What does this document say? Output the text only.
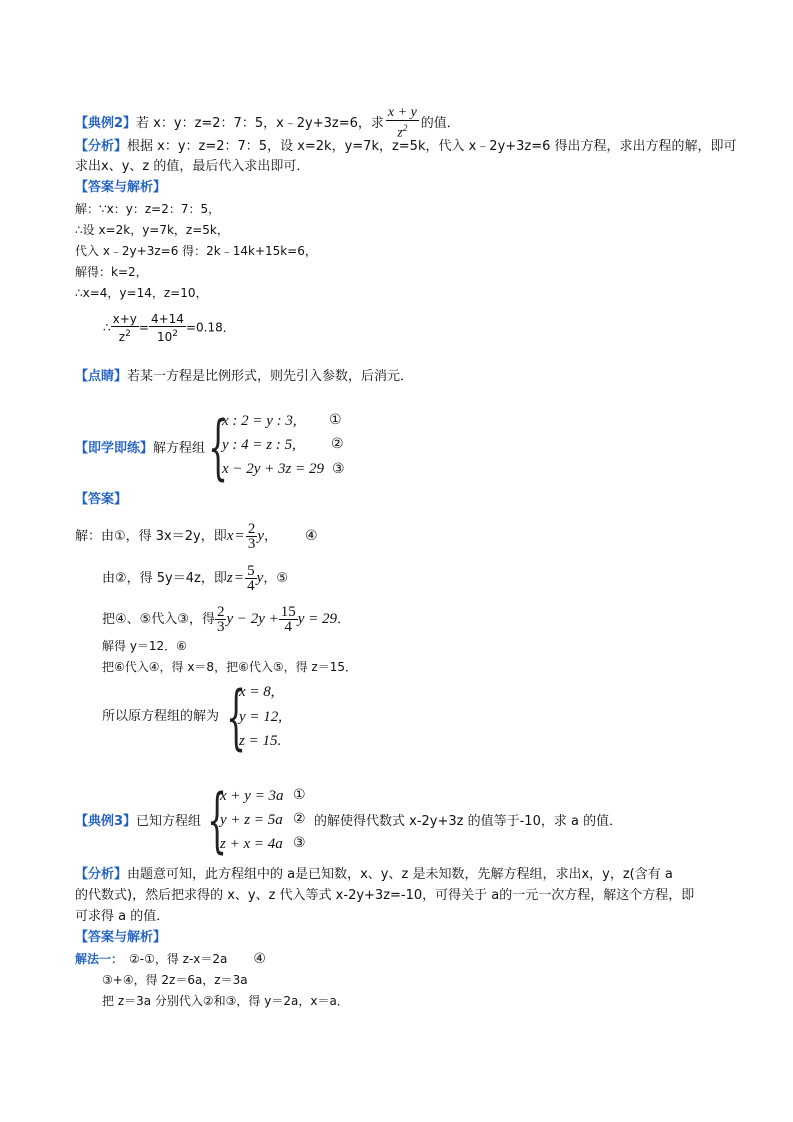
【典例2】若 x：y：z=2：7：5，x﹣2y+3z=6，求 $\frac{x + y}{z^2}$ 的值．
【分析】根据 x：y：z=2：7：5，设 x=2k，y=7k，z=5k，代入 x﹣2y+3z=6 得出方程，求出方程的解，即可
求出x、y、z 的值，最后代入求出即可．
【答案与解析】
解：∵x：y：z=2：7：5，
∴设 x=2k，y=7k，z=5k，
代入 x﹣2y+3z=6 得：2k﹣14k+15k=6，
解得：k=2，
∴x=4，y=14，z=10，
∴ $\frac{x+y}{z^2} = \frac{4+14}{10^2} =0.18$．
【点睛】若某一方程是比例形式，则先引入参数，后消元．
【即学即练】解方程组 {
x : 2 = y : 3,
y : 4 = z : 5,
x − 2y + 3z = 29
①
②
③
【答案】
解：由①，得 3x＝2y，即$x = \frac{2}{3}$ y， ④
由②，得 5y＝4z，即$z = \frac{5}{4}$ y，⑤
把④、⑤代入③，得 $\frac{2}{3}$ $y - 2y + \frac{15}{4}$ y = 29．
解得 y＝12．⑥
把⑥代入④，得 x＝8，把⑥代入⑤，得 z＝15．
所以原方程组的解为 {
x = 8,
y = 12,
z = 15.
【典例3】已知方程组 {
x + y = 3a
y + z = 5a
z + x = 4a
①
②
③
的解使得代数式 x-2y+3z 的值等于-10，求 a 的值．
【分析】由题意可知，此方程组中的 a是已知数，x、y、z 是未知数，先解方程组，求出x，y，z(含有 a
的代数式)，然后把求得的 x、y、z 代入等式 x-2y+3z=-10，可得关于 a的一元一次方程，解这个方程，即
可求得 a 的值．
【答案与解析】
解法一： ②-①，得 z-x＝2a ④
③+④，得 2z＝6a，z＝3a
把 z＝3a 分别代入②和③，得 y＝2a，x＝a．
